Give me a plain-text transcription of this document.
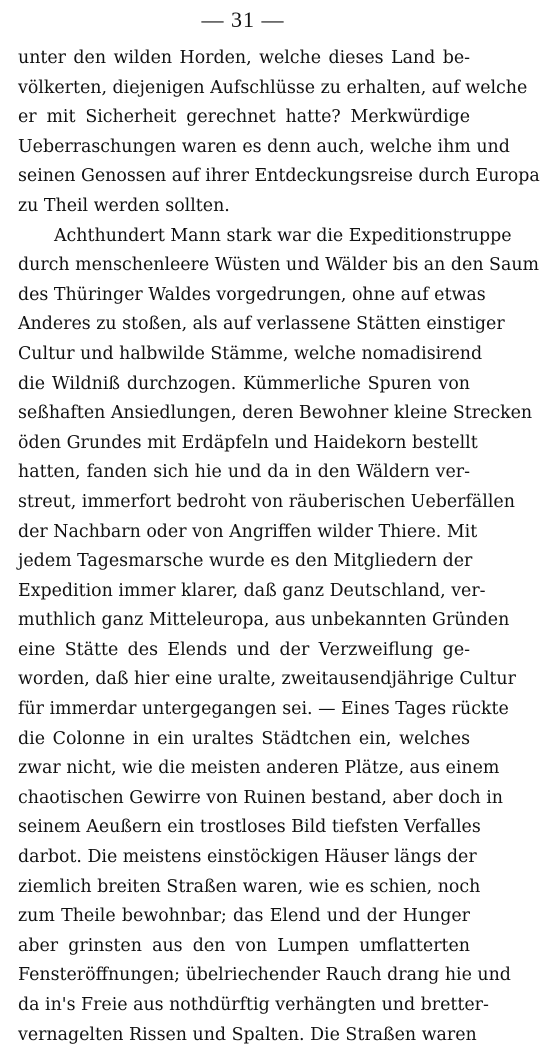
— 31 —
unter den wilden Horden, welche dieses Land be-
völkerten, diejenigen Aufschlüsse zu erhalten, auf welche
er mit Sicherheit gerechnet hatte? Merkwürdige
Ueberraschungen waren es denn auch, welche ihm und
seinen Genossen auf ihrer Entdeckungsreise durch Europa
zu Theil werden sollten.
Achthundert Mann stark war die Expeditionstruppe
durch menschenleere Wüsten und Wälder bis an den Saum
des Thüringer Waldes vorgedrungen, ohne auf etwas
Anderes zu stoßen, als auf verlassene Stätten einstiger
Cultur und halbwilde Stämme, welche nomadisirend
die Wildniß durchzogen. Kümmerliche Spuren von
seßhaften Ansiedlungen, deren Bewohner kleine Strecken
öden Grundes mit Erdäpfeln und Haidekorn bestellt
hatten, fanden sich hie und da in den Wäldern ver-
streut, immerfort bedroht von räuberischen Ueberfällen
der Nachbarn oder von Angriffen wilder Thiere. Mit
jedem Tagesmarsche wurde es den Mitgliedern der
Expedition immer klarer, daß ganz Deutschland, ver-
muthlich ganz Mitteleuropa, aus unbekannten Gründen
eine Stätte des Elends und der Verzweiflung ge-
worden, daß hier eine uralte, zweitausendjährige Cultur
für immerdar untergegangen sei. — Eines Tages rückte
die Colonne in ein uraltes Städtchen ein, welches
zwar nicht, wie die meisten anderen Plätze, aus einem
chaotischen Gewirre von Ruinen bestand, aber doch in
seinem Aeußern ein trostloses Bild tiefsten Verfalles
darbot. Die meistens einstöckigen Häuser längs der
ziemlich breiten Straßen waren, wie es schien, noch
zum Theile bewohnbar; das Elend und der Hunger
aber grinsten aus den von Lumpen umflatterten
Fensteröffnungen; übelriechender Rauch drang hie und
da in's Freie aus nothdürftig verhängten und bretter-
vernagelten Rissen und Spalten. Die Straßen waren
